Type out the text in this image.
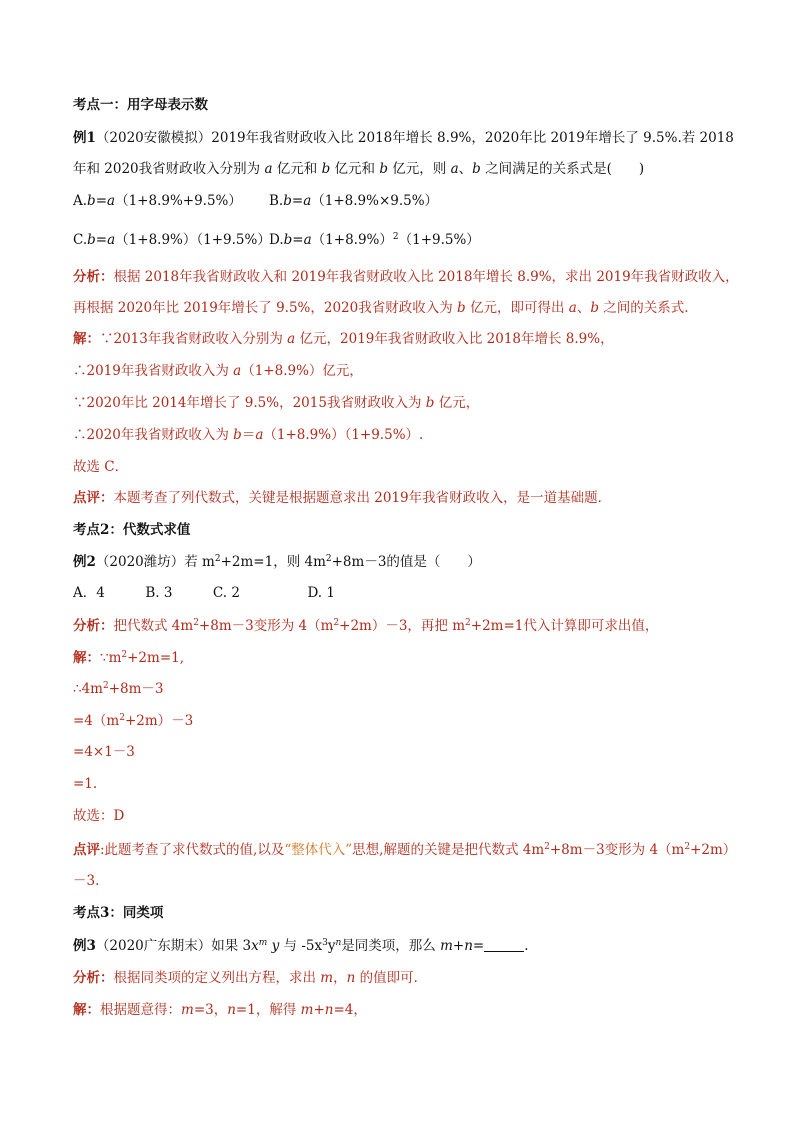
考点一：用字母表示数
例1（2020安徽模拟）2019年我省财政收入比 2018年增长 8.9%，2020年比 2019年增长了 9.5%.若 2018
年和 2020我省财政收入分别为 a 亿元和 b 亿元和 b 亿元，则 a、b 之间满足的关系式是(　　)
A.b=a（1+8.9%+9.5%） B.b=a（1+8.9%×9.5%）
C.b=a（1+8.9%）（1+9.5%）
$D.b=a(1+8.9\%)^2(1+9.5\%)$
分析：根据 2018年我省财政收入和 2019年我省财政收入比 2018年增长 8.9%，求出 2019年我省财政收入，
再根据 2020年比 2019年增长了 9.5%，2020我省财政收入为 b 亿元，即可得出 a、b 之间的关系式.
解：∵2013年我省财政收入分别为 a 亿元，2019年我省财政收入比 2018年增长 8.9%，
∴2019年我省财政收入为 a（1+8.9%）亿元，
∵2020年比 2014年增长了 9.5%，2015我省财政收入为 b 亿元，
∴2020年我省财政收入为 b＝a（1+8.9%）（1+9.5%）.
故选 C．
点评：本题考查了列代数式，关键是根据题意求出 2019年我省财政收入，是一道基础题．
考点2：代数式求值
例2（2020潍坊）若 $m^2+2m=1$，则 $4m^2+8m-3$的值是（　　）
A．4　　　B. 3　　　C. 2　　　　　D. 1
分析：把代数式 $4m^2+8m-3$变形为 $4(m^2+2m)-3$，再把 $m^2+2m=1$代入计算即可求出值，
解：$\because m^2+2m=1$,
$\therefore 4m^2+8m-3$
$=4(m^2+2m)-3$
=4×1－3
=1.
故选：D
点评:此题考查了求代数式的值,以及“整体代入”思想,解题的关键是把代数式 $4m^2+8m-3$变形为 $4(m^2+2m)$
－3.
考点3：同类项
例3（2020广东期末）如果 $3x^m$ y 与 $-5x^3y^n$是同类项，那么 m+n=	.
分析：根据同类项的定义列出方程，求出 m，n 的值即可．
解：根据题意得：m=3，n=1，解得 m+n=4，
